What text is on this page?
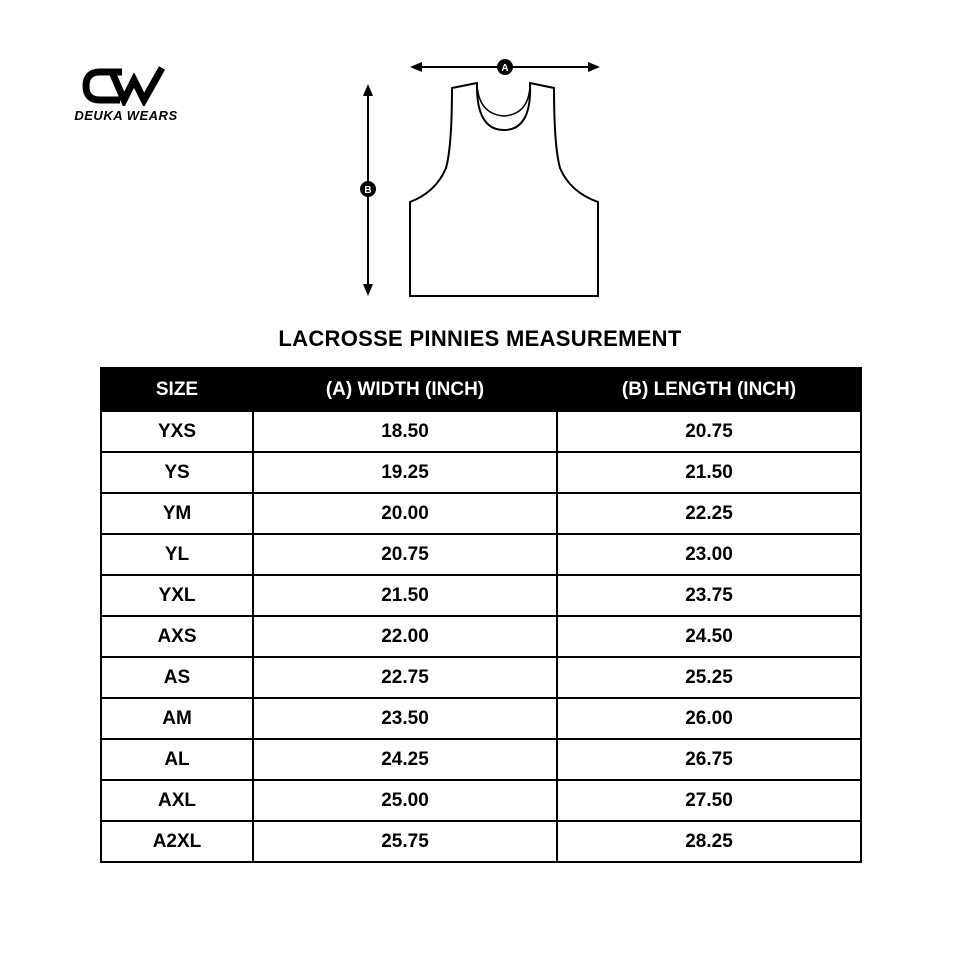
DEUKA WEARS
A
B
LACROSSE PINNIES MEASUREMENT
SIZE	(A) WIDTH (INCH)	(B) LENGTH (INCH)
YXS	18.50	20.75
YS	19.25	21.50
YM	20.00	22.25
YL	20.75	23.00
YXL	21.50	23.75
AXS	22.00	24.50
AS	22.75	25.25
AM	23.50	26.00
AL	24.25	26.75
AXL	25.00	27.50
A2XL	25.75	28.25
